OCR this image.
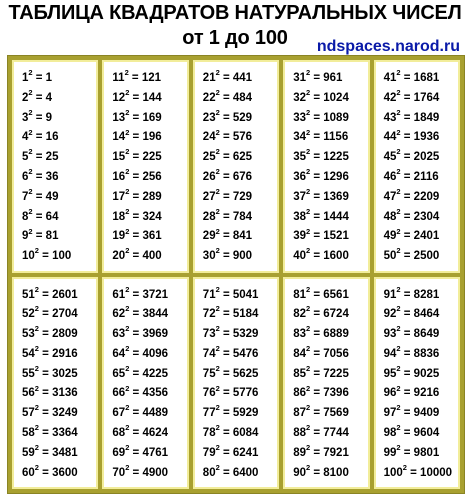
ТАБЛИЦА КВАДРАТОВ НАТУРАЛЬНЫХ ЧИСЕЛ
от 1 до 100	ndspaces.narod.ru
$1^2 = 1$
$2^2 = 4$
$3^2 = 9$
$4^2 = 16$
$5^2 = 25$
$6^2 = 36$
$7^2 = 49$
$8^2 = 64$
$9^2 = 81$
$10^2 = 100$
$11^2 = 121$
$12^2 = 144$
$13^2 = 169$
$14^2 = 196$
$15^2 = 225$
$16^2 = 256$
$17^2 = 289$
$18^2 = 324$
$19^2 = 361$
$20^2 = 400$
$21^2 = 441$
$22^2 = 484$
$23^2 = 529$
$24^2 = 576$
$25^2 = 625$
$26^2 = 676$
$27^2 = 729$
$28^2 = 784$
$29^2 = 841$
$30^2 = 900$
$31^2 = 961$
$32^2 = 1024$
$33^2 = 1089$
$34^2 = 1156$
$35^2 = 1225$
$36^2 = 1296$
$37^2 = 1369$
$38^2 = 1444$
$39^2 = 1521$
$40^2 = 1600$
$41^2 = 1681$
$42^2 = 1764$
$43^2 = 1849$
$44^2 = 1936$
$45^2 = 2025$
$46^2 = 2116$
$47^2 = 2209$
$48^2 = 2304$
$49^2 = 2401$
$50^2 = 2500$
$51^2 = 2601$
$52^2 = 2704$
$53^2 = 2809$
$54^2 = 2916$
$55^2 = 3025$
$56^2 = 3136$
$57^2 = 3249$
$58^2 = 3364$
$59^2 = 3481$
$60^2 = 3600$
$61^2 = 3721$
$62^2 = 3844$
$63^2 = 3969$
$64^2 = 4096$
$65^2 = 4225$
$66^2 = 4356$
$67^2 = 4489$
$68^2 = 4624$
$69^2 = 4761$
$70^2 = 4900$
$71^2 = 5041$
$72^2 = 5184$
$73^2 = 5329$
$74^2 = 5476$
$75^2 = 5625$
$76^2 = 5776$
$77^2 = 5929$
$78^2 = 6084$
$79^2 = 6241$
$80^2 = 6400$
$81^2 = 6561$
$82^2 = 6724$
$83^2 = 6889$
$84^2 = 7056$
$85^2 = 7225$
$86^2 = 7396$
$87^2 = 7569$
$88^2 = 7744$
$89^2 = 7921$
$90^2 = 8100$
$91^2 = 8281$
$92^2 = 8464$
$93^2 = 8649$
$94^2 = 8836$
$95^2 = 9025$
$96^2 = 9216$
$97^2 = 9409$
$98^2 = 9604$
$99^2 = 9801$
$100^2 = 10000$
